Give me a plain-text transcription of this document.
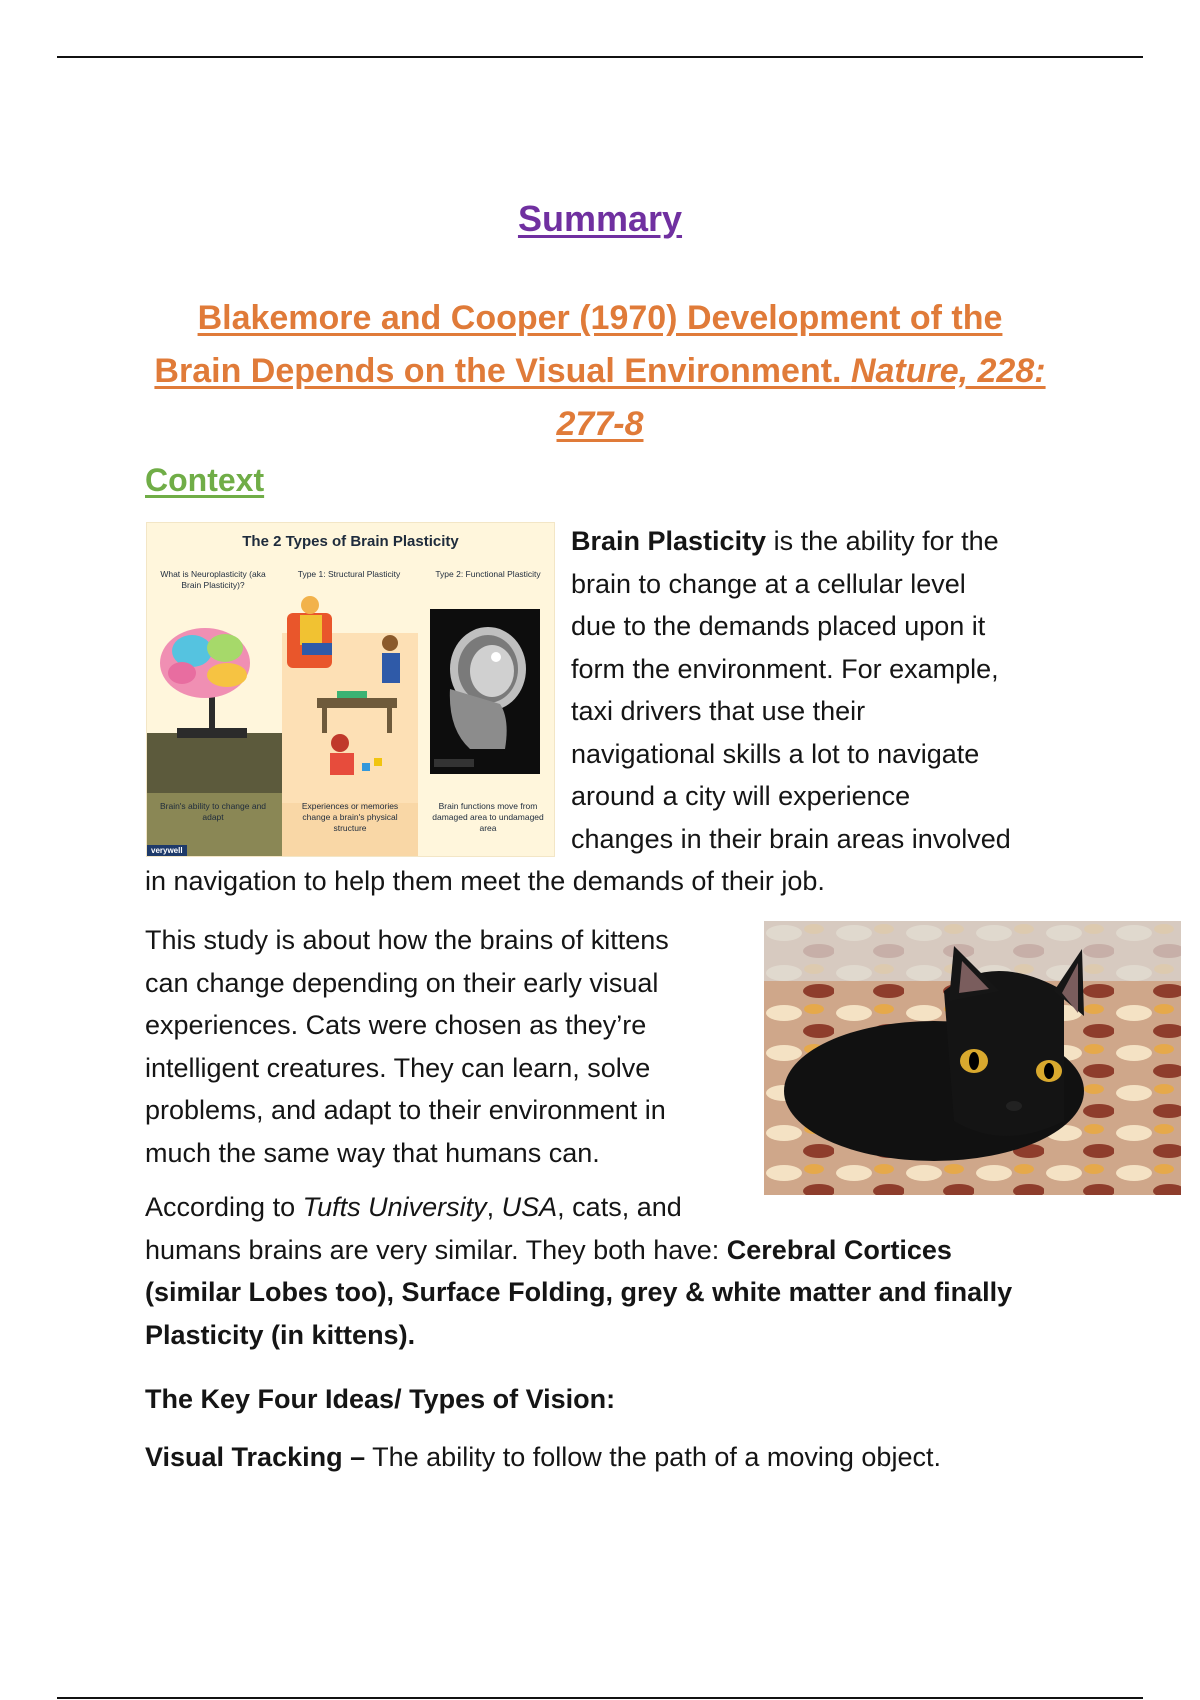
Summary
Blakemore and Cooper (1970) Development of the Brain Depends on the Visual Environment. Nature, 228: 277-8
Context
The 2 Types of Brain Plasticity
What is Neuroplasticity (aka Brain Plasticity)?
Type 1: Structural Plasticity	Type 2: Functional Plasticity
Brain's ability to change and adapt
Experiences or memories change a brain's physical structure
Brain functions move from damaged area to undamaged area
verywell
Brain Plasticity is the ability for the
brain to change at a cellular level
due to the demands placed upon it
form the environment. For example,
taxi drivers that use their
navigational skills a lot to navigate
around a city will experience
changes in their brain areas involved
in navigation to help them meet the demands of their job.
This study is about how the brains of kittens
can change depending on their early visual
experiences. Cats were chosen as they’re
intelligent creatures. They can learn, solve
problems, and adapt to their environment in
much the same way that humans can.
According to Tufts University, USA, cats, and
humans brains are very similar. They both have: Cerebral Cortices
(similar Lobes too), Surface Folding, grey & white matter and finally
Plasticity (in kittens).
The Key Four Ideas/ Types of Vision:
Visual Tracking – The ability to follow the path of a moving object.
